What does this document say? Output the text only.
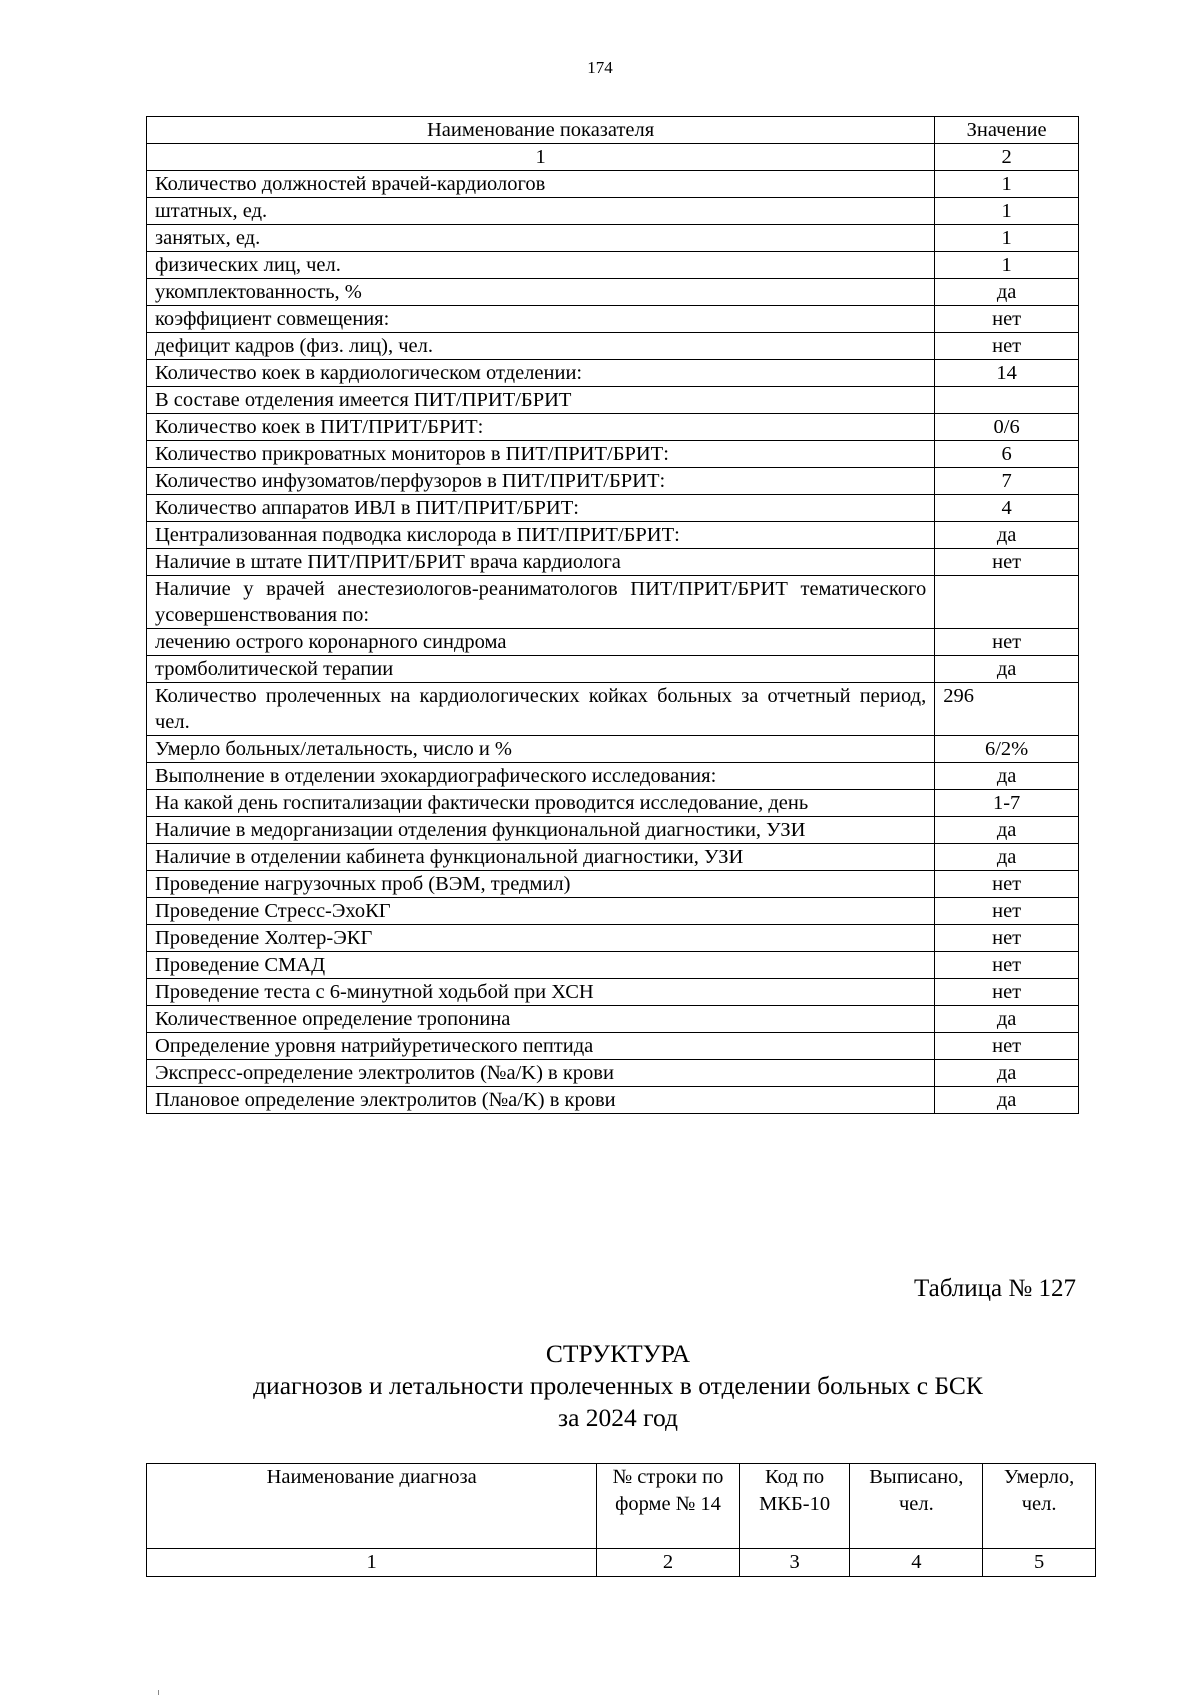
174
Наименование показателя	Значение
1	2
Количество должностей врачей-кардиологов	1
штатных, ед.	1
занятых, ед.	1
физических лиц, чел.	1
укомплектованность, %	да
коэффициент совмещения:	нет
дефицит кадров (физ. лиц), чел.	нет
Количество коек в кардиологическом отделении:	14
В составе отделения имеется ПИТ/ПРИТ/БРИТ	
Количество коек в ПИТ/ПРИТ/БРИТ:	0/6
Количество прикроватных мониторов в ПИТ/ПРИТ/БРИТ:	6
Количество инфузоматов/перфузоров в ПИТ/ПРИТ/БРИТ:	7
Количество аппаратов ИВЛ в ПИТ/ПРИТ/БРИТ:	4
Централизованная подводка кислорода в ПИТ/ПРИТ/БРИТ:	да
Наличие в штате ПИТ/ПРИТ/БРИТ врача кардиолога	нет
Наличие у врачей анестезиологов-реаниматологов ПИТ/ПРИТ/БРИТ тематического усовершенствования по:	
лечению острого коронарного синдрома	нет
тромболитической терапии	да
Количество пролеченных на кардиологических койках больных за отчетный период, чел.	296
Умерло больных/летальность, число и %	6/2%
Выполнение в отделении эхокардиографического исследования:	да
На какой день госпитализации фактически проводится исследование, день	1-7
Наличие в медорганизации отделения функциональной диагностики, УЗИ	да
Наличие в отделении кабинета функциональной диагностики, УЗИ	да
Проведение нагрузочных проб (ВЭМ, тредмил)	нет
Проведение Стресс-ЭхоКГ	нет
Проведение Холтер-ЭКГ	нет
Проведение СМАД	нет
Проведение теста с 6-минутной ходьбой при ХСН	нет
Количественное определение тропонина	да
Определение уровня натрийуретического пептида	нет
Экспресс-определение электролитов (№a/K) в крови	да
Плановое определение электролитов (№a/K) в крови	да
Таблица № 127
СТРУКТУРА
диагнозов и летальности пролеченных в отделении больных с БСК
за 2024 год
Наименование диагноза	№ строки по форме № 14	Код по МКБ-10	Выписано, чел.	Умерло, чел.
1	2	3	4	5
